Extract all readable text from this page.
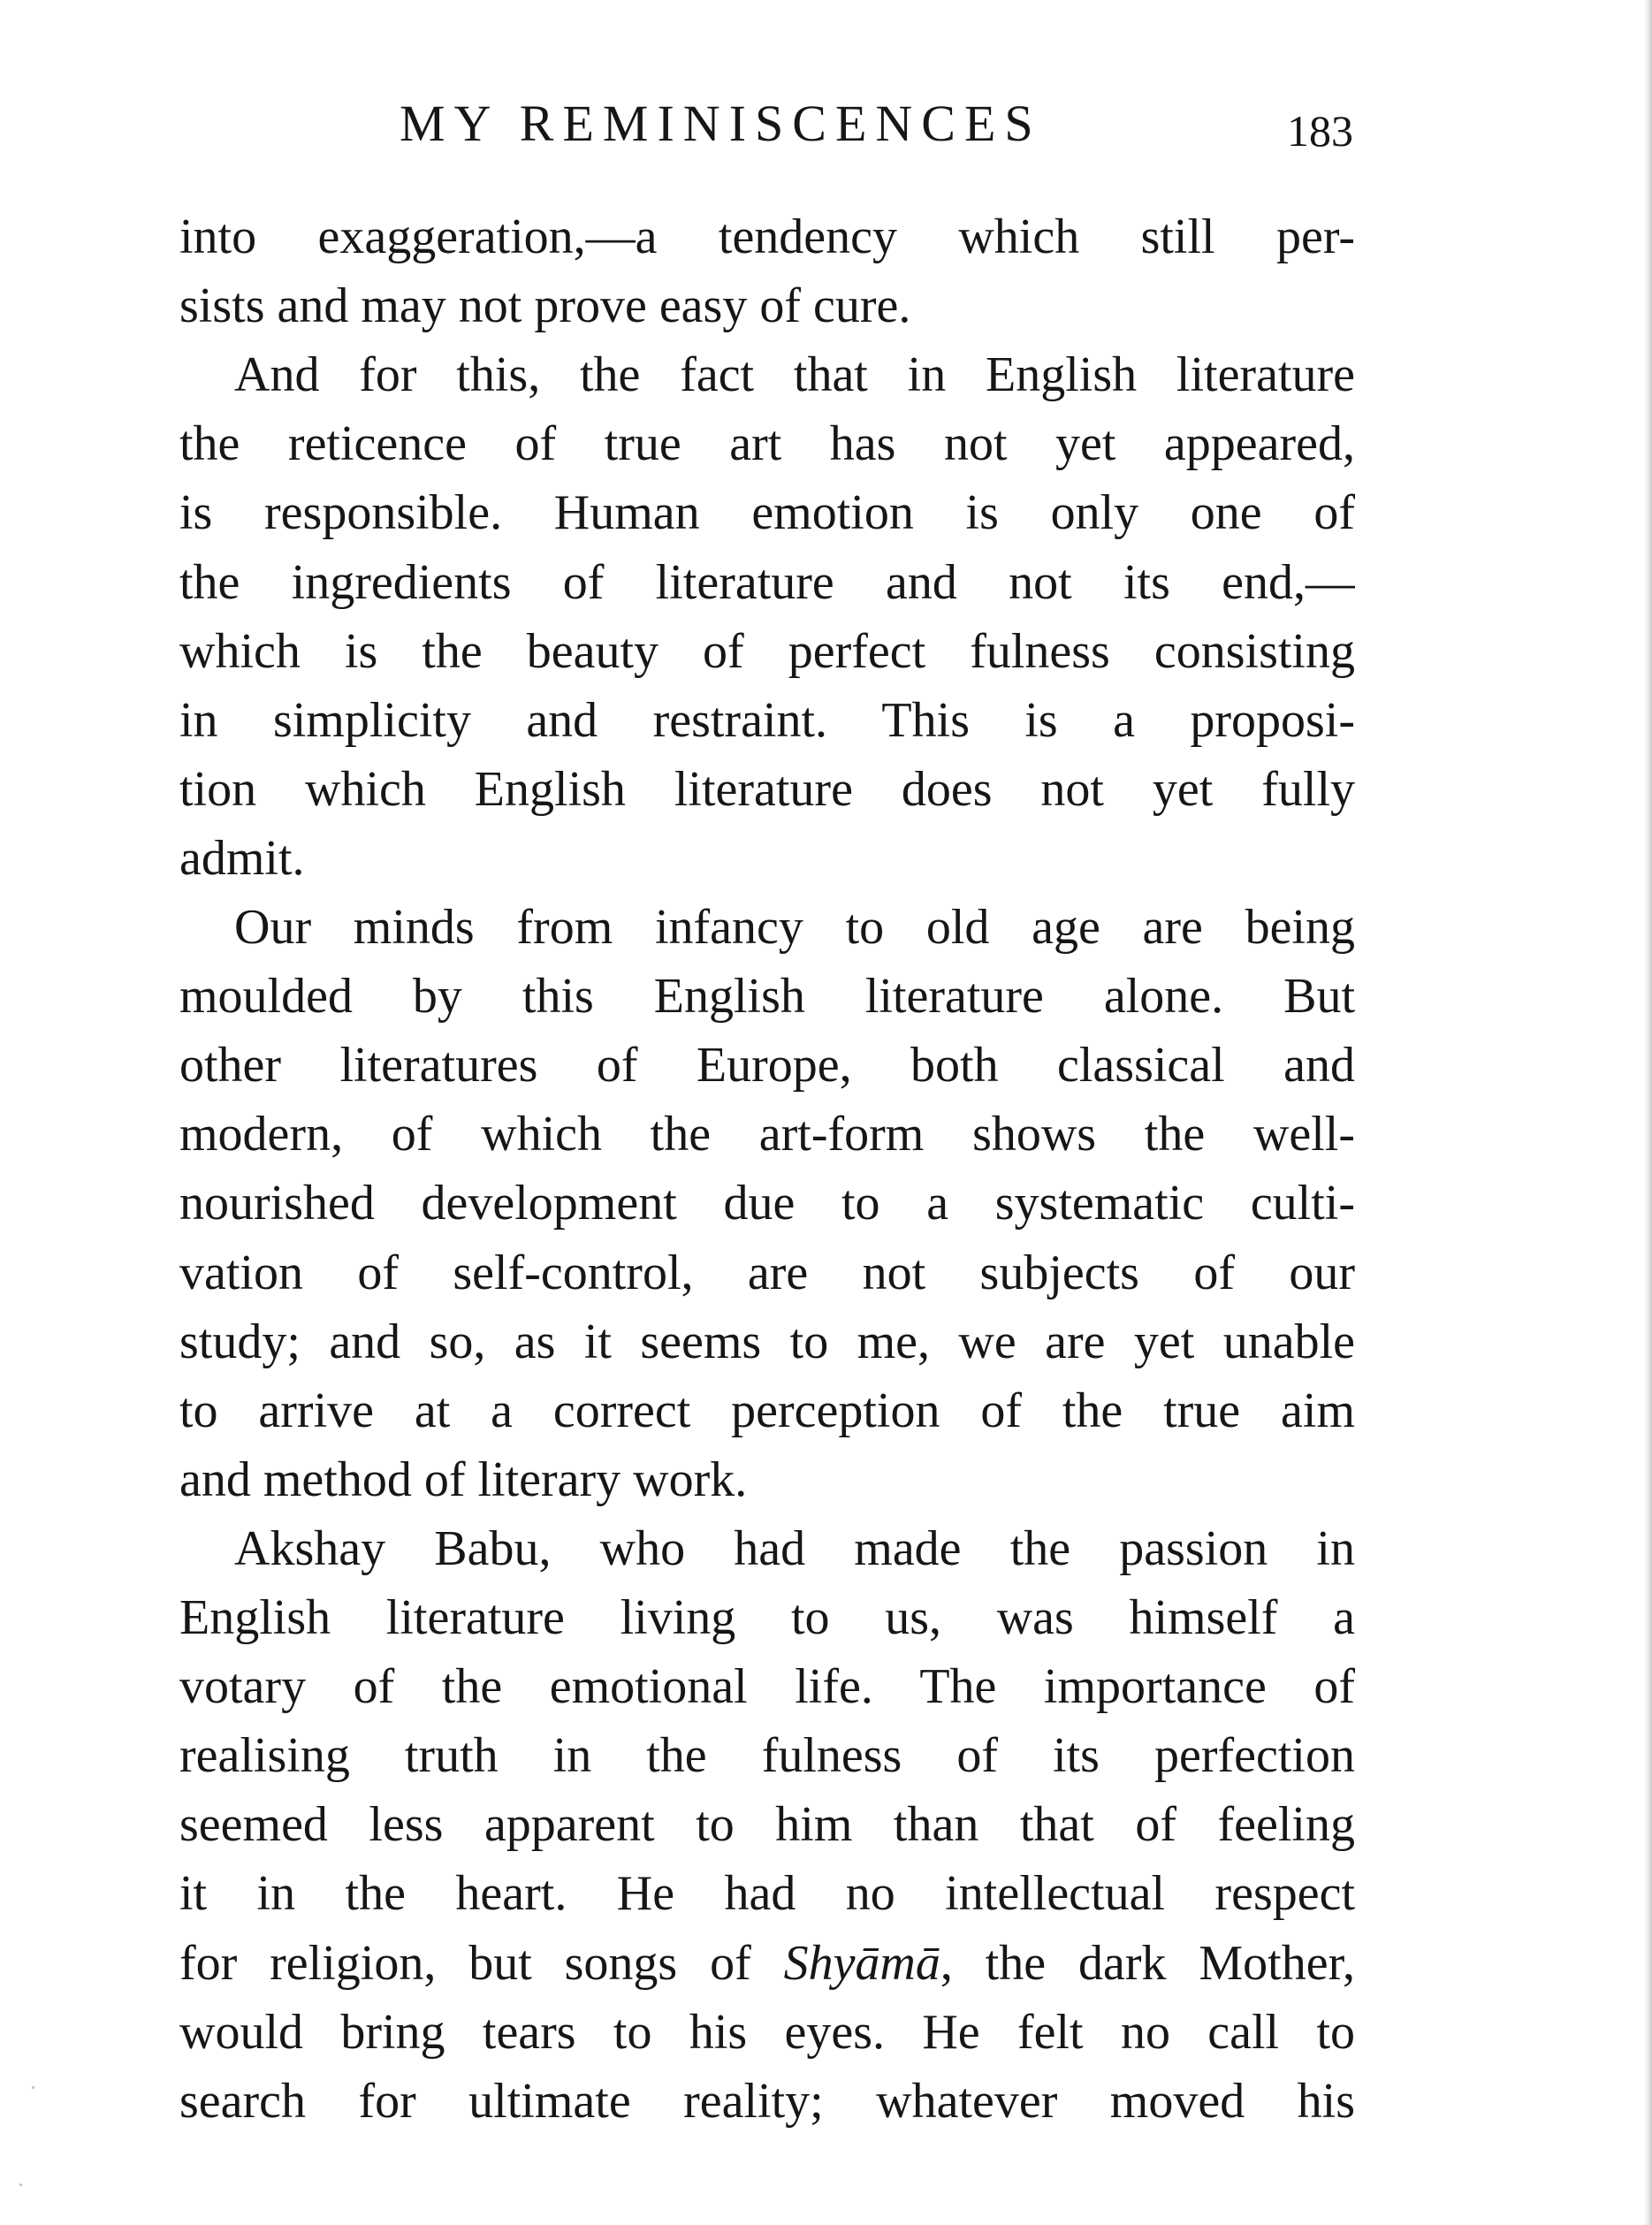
MY REMINISCENCES	183
into exaggeration,—a tendency which still per-
sists and may not prove easy of cure.
And for this, the fact that in English literature
the reticence of true art has not yet appeared,
is responsible. Human emotion is only one of
the ingredients of literature and not its end,—
which is the beauty of perfect fulness consisting
in simplicity and restraint. This is a proposi-
tion which English literature does not yet fully
admit.
Our minds from infancy to old age are being
moulded by this English literature alone. But
other literatures of Europe, both classical and
modern, of which the art-form shows the well-
nourished development due to a systematic culti-
vation of self-control, are not subjects of our
study; and so, as it seems to me, we are yet unable
to arrive at a correct perception of the true aim
and method of literary work.
Akshay Babu, who had made the passion in
English literature living to us, was himself a
votary of the emotional life. The importance of
realising truth in the fulness of its perfection
seemed less apparent to him than that of feeling
it in the heart. He had no intellectual respect
for religion, but songs of Shyāmā, the dark Mother,
would bring tears to his eyes. He felt no call to
search for ultimate reality; whatever moved his
